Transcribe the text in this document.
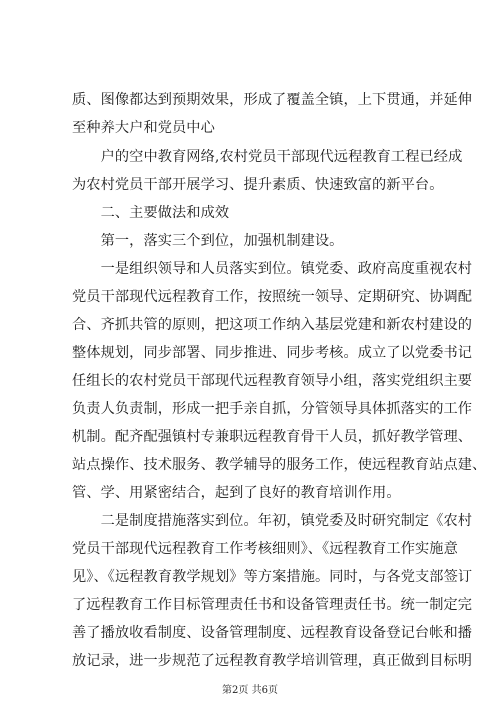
质、图像都达到预期效果，形成了覆盖全镇，上下贯通，并延伸
至种养大户和党员中心
　　户的空中教育网络,农村党员干部现代远程教育工程已经成
为农村党员干部开展学习、提升素质、快速致富的新平台。
　　二、主要做法和成效
　　第一，落实三个到位，加强机制建设。
　　一是组织领导和人员落实到位。镇党委、政府高度重视农村
党员干部现代远程教育工作，按照统一领导、定期研究、协调配
合、齐抓共管的原则，把这项工作纳入基层党建和新农村建设的
整体规划，同步部署、同步推进、同步考核。成立了以党委书记
任组长的农村党员干部现代远程教育领导小组，落实党组织主要
负责人负责制，形成一把手亲自抓，分管领导具体抓落实的工作
机制。配齐配强镇村专兼职远程教育骨干人员，抓好教学管理、
站点操作、技术服务、教学辅导的服务工作，使远程教育站点建、
管、学、用紧密结合，起到了良好的教育培训作用。
　　二是制度措施落实到位。年初，镇党委及时研究制定《农村
党员干部现代远程教育工作考核细则》、《远程教育工作实施意
见》、《远程教育教学规划》等方案措施。同时，与各党支部签订
了远程教育工作目标管理责任书和设备管理责任书。统一制定完
善了播放收看制度、设备管理制度、远程教育设备登记台帐和播
放记录，进一步规范了远程教育教学培训管理，真正做到目标明
第2页 共6页
